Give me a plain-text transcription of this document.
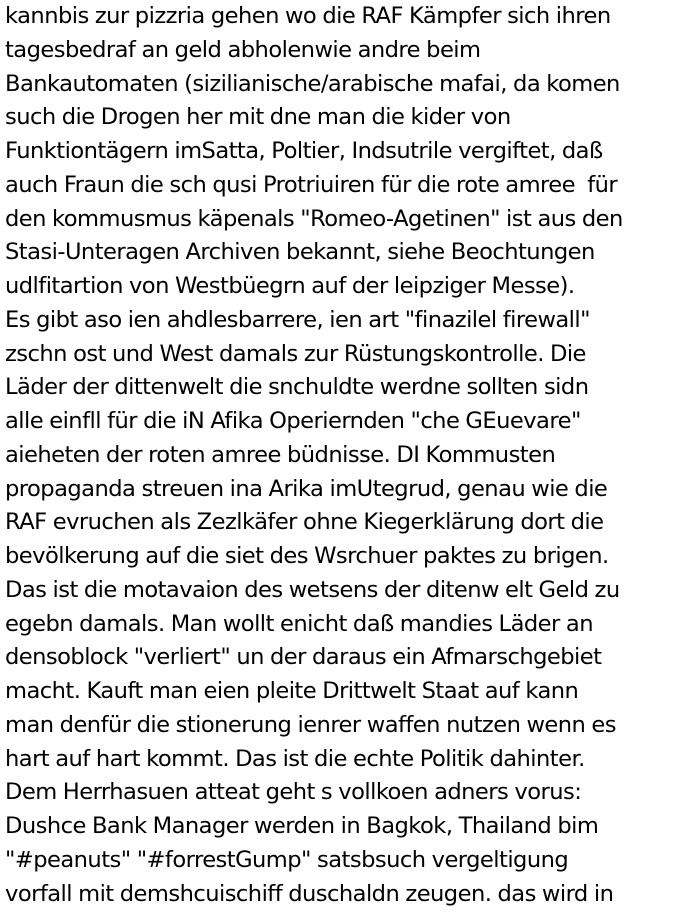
kannbis zur pizzria gehen wo die RAF Kämpfer sich ihren
tagesbedraf an geld abholenwie andre beim
Bankautomaten (sizilianische/arabische mafai, da komen
such die Drogen her mit dne man die kider von
Funktiontägern imSatta, Poltier, Indsutrile vergiftet, daß
auch Fraun die sch qusi Protriuiren für die rote amree  für
den kommusmus käpenals "Romeo-Agetinen" ist aus den
Stasi-Unteragen Archiven bekannt, siehe Beochtungen
udlfitartion von Westbüegrn auf der leipziger Messe).
Es gibt aso ien ahdlesbarrere, ien art "finazilel firewall"
zschn ost und West damals zur Rüstungskontrolle. Die
Läder der dittenwelt die snchuldte werdne sollten sidn
alle einfll für die iN Afika Operiernden "che GEuevare"
aieheten der roten amree büdnisse. DI Kommusten
propaganda streuen ina Arika imUtegrud, genau wie die
RAF evruchen als Zezlkäfer ohne Kiegerklärung dort die
bevölkerung auf die siet des Wsrchuer paktes zu brigen.
Das ist die motavaion des wetsens der ditenw elt Geld zu
egebn damals. Man wollt enicht daß mandies Läder an
densoblock "verliert" un der daraus ein Afmarschgebiet
macht. Kauft man eien pleite Drittwelt Staat auf kann
man denfür die stionerung ienrer waffen nutzen wenn es
hart auf hart kommt. Das ist die echte Politik dahinter.
Dem Herrhasuen atteat geht s vollkoen adners vorus:
Dushce Bank Manager werden in Bagkok, Thailand bim
"#peanuts" "#forrestGump" satsbsuch vergeltigung
vorfall mit demshcuischiff duschaldn zeugen. das wird in
